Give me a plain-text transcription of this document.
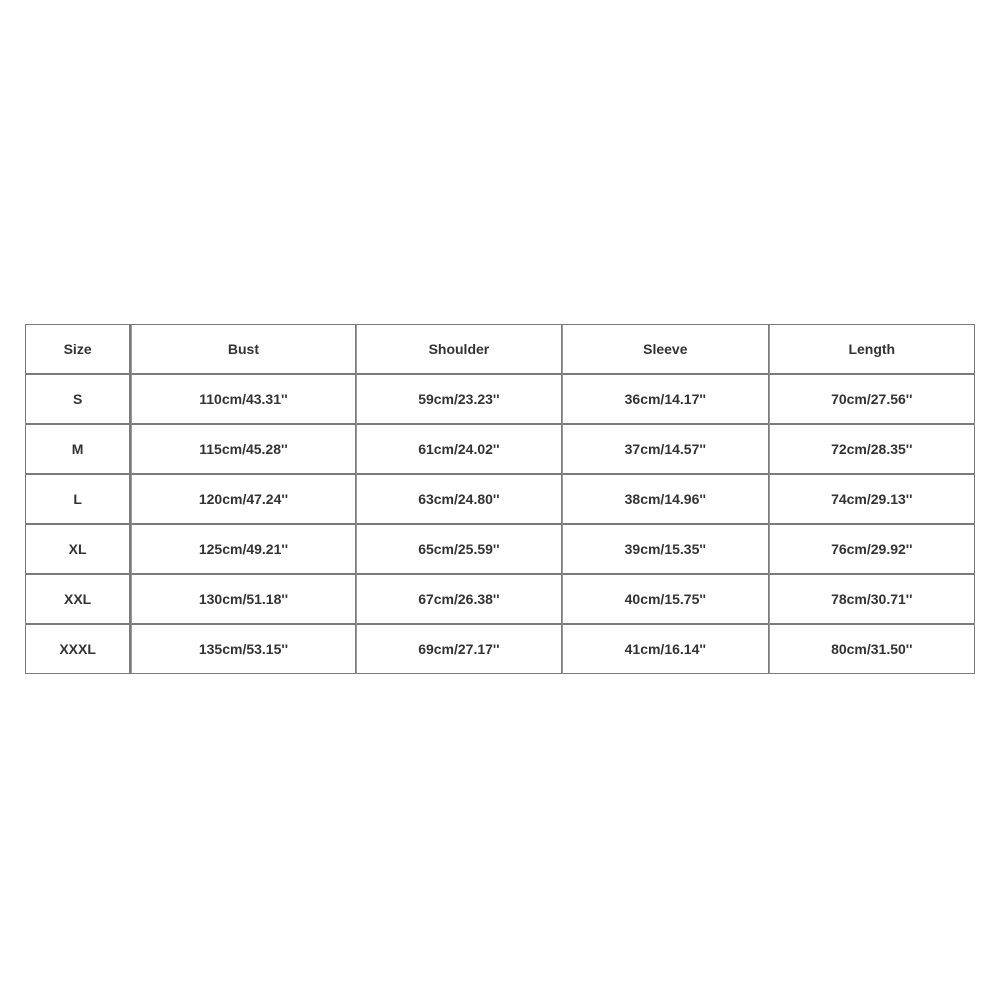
Size	Bust	Shoulder	Sleeve	Length
S	110cm/43.31''	59cm/23.23''	36cm/14.17''	70cm/27.56''
M	115cm/45.28''	61cm/24.02''	37cm/14.57''	72cm/28.35''
L	120cm/47.24''	63cm/24.80''	38cm/14.96''	74cm/29.13''
XL	125cm/49.21''	65cm/25.59''	39cm/15.35''	76cm/29.92''
XXL	130cm/51.18''	67cm/26.38''	40cm/15.75''	78cm/30.71''
XXXL	135cm/53.15''	69cm/27.17''	41cm/16.14''	80cm/31.50''
